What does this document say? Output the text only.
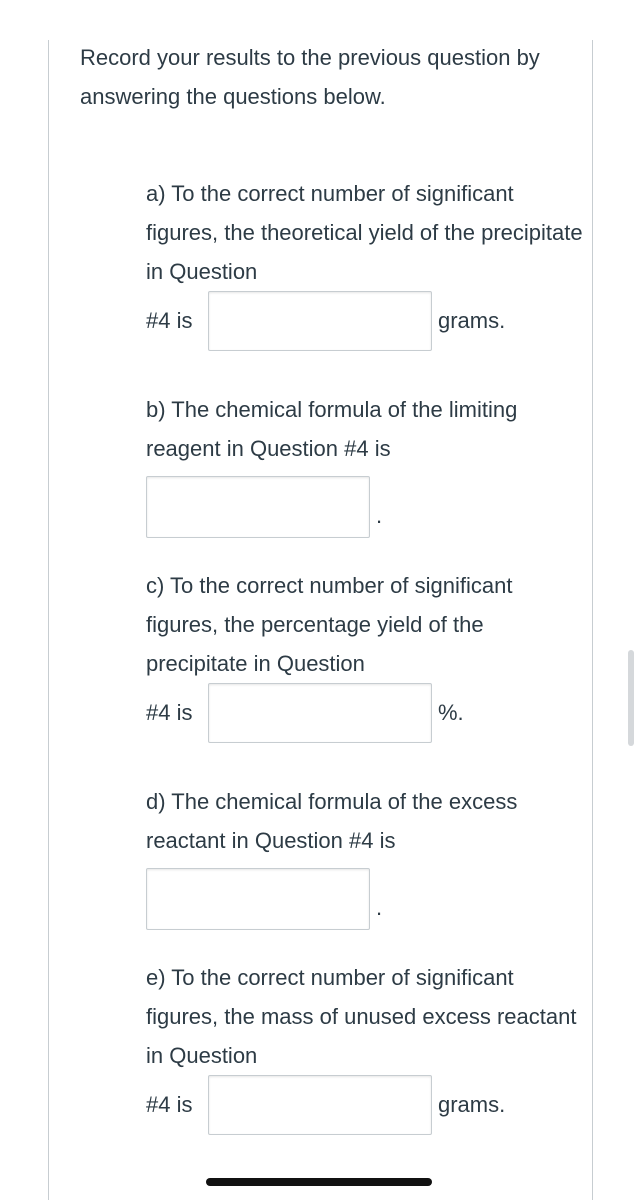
Record your results to the previous question by answering the questions below.

a) To the correct number of significant figures, the theoretical yield of the precipitate in Question

#4 is	grams.

b) The chemical formula of the limiting reagent in Question #4 is

.

c) To the correct number of significant figures, the percentage yield of the precipitate in Question

#4 is	%.

d) The chemical formula of the excess reactant in Question #4 is

.

e) To the correct number of significant figures, the mass of unused excess reactant in Question

#4 is	grams.
